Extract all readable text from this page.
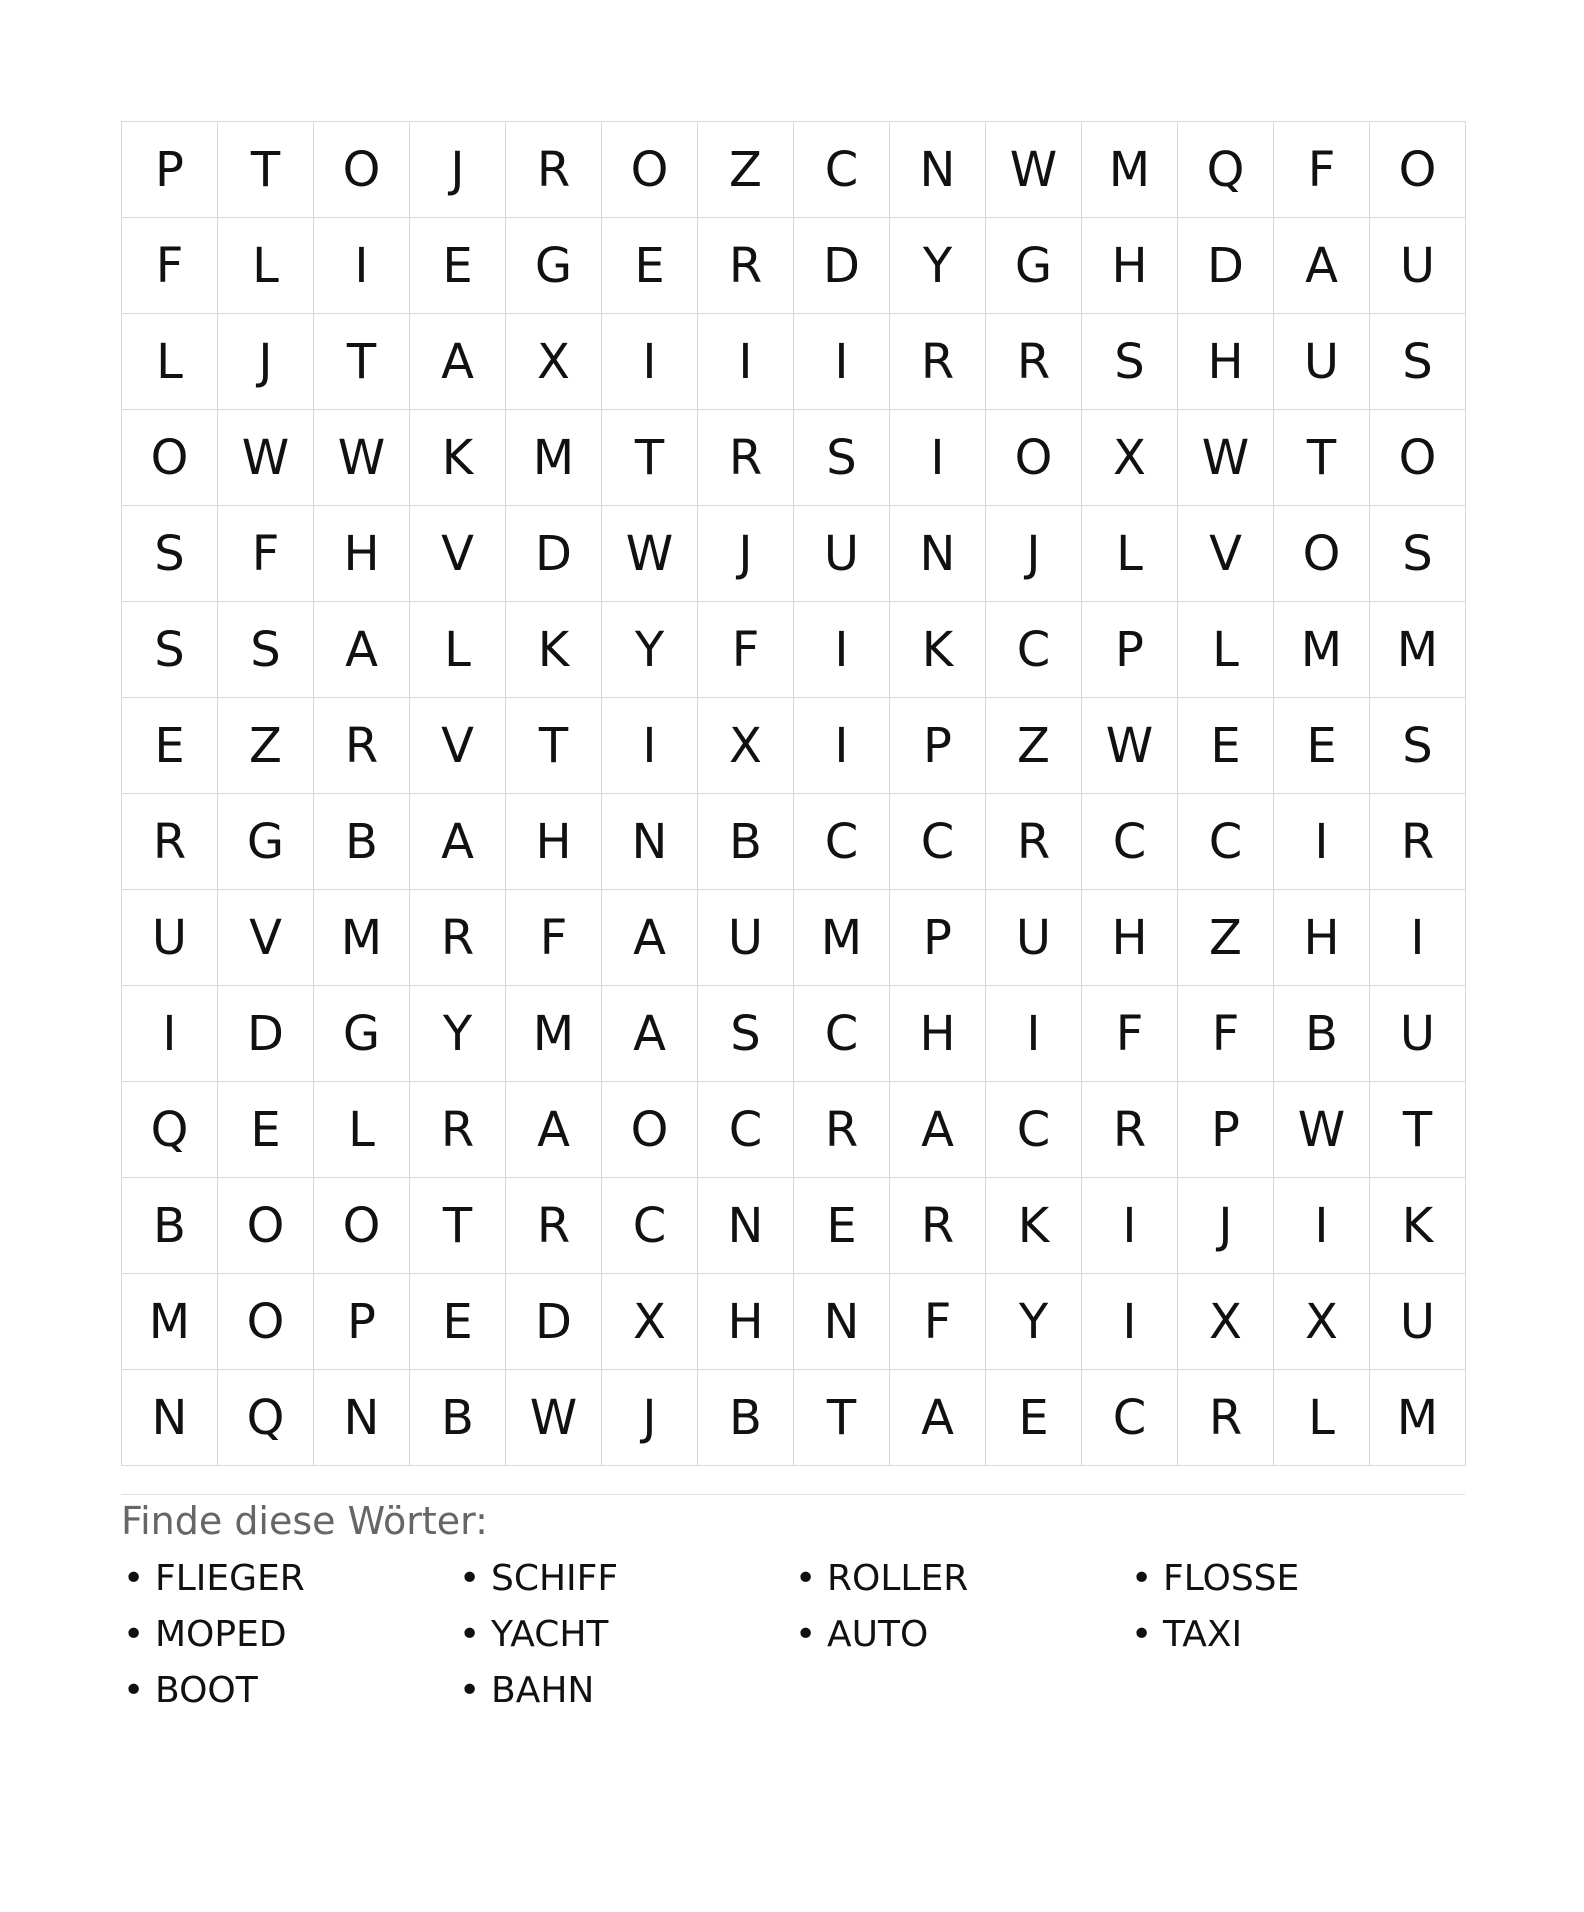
P	T	O	J	R	O	Z	C	N	W	M	Q	F	O
F	L	I	E	G	E	R	D	Y	G	H	D	A	U
L	J	T	A	X	I	I	I	R	R	S	H	U	S
O	W	W	K	M	T	R	S	I	O	X	W	T	O
S	F	H	V	D	W	J	U	N	J	L	V	O	S
S	S	A	L	K	Y	F	I	K	C	P	L	M	M
E	Z	R	V	T	I	X	I	P	Z	W	E	E	S
R	G	B	A	H	N	B	C	C	R	C	C	I	R
U	V	M	R	F	A	U	M	P	U	H	Z	H	I
I	D	G	Y	M	A	S	C	H	I	F	F	B	U
Q	E	L	R	A	O	C	R	A	C	R	P	W	T
B	O	O	T	R	C	N	E	R	K	I	J	I	K
M	O	P	E	D	X	H	N	F	Y	I	X	X	U
N	Q	N	B	W	J	B	T	A	E	C	R	L	M
Finde diese Wörter:
• FLIEGER	• SCHIFF	• ROLLER	• FLOSSE
• MOPED	• YACHT	• AUTO	• TAXI
• BOOT	• BAHN
